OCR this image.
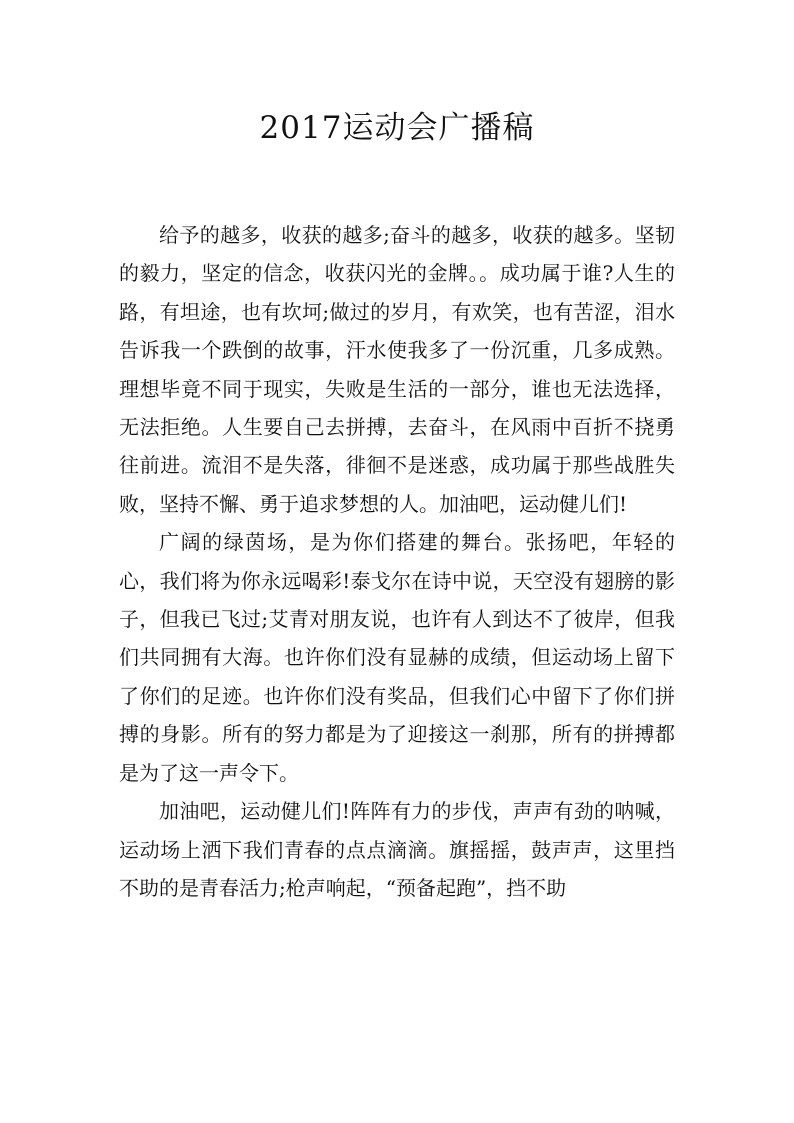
2017运动会广播稿

给予的越多，收获的越多;奋斗的越多，收获的越多。坚韧的毅力，坚定的信念，收获闪光的金牌。。成功属于谁?人生的路，有坦途，也有坎坷;做过的岁月，有欢笑，也有苦涩，泪水告诉我一个跌倒的故事，汗水使我多了一份沉重，几多成熟。理想毕竟不同于现实，失败是生活的一部分，谁也无法选择，无法拒绝。人生要自己去拼搏，去奋斗，在风雨中百折不挠勇往前进。流泪不是失落，徘徊不是迷惑，成功属于那些战胜失败，坚持不懈、勇于追求梦想的人。加油吧，运动健儿们!

广阔的绿茵场，是为你们搭建的舞台。张扬吧，年轻的心，我们将为你永远喝彩!泰戈尔在诗中说，天空没有翅膀的影子，但我已飞过;艾青对朋友说，也许有人到达不了彼岸，但我们共同拥有大海。也许你们没有显赫的成绩，但运动场上留下了你们的足迹。也许你们没有奖品，但我们心中留下了你们拼搏的身影。所有的努力都是为了迎接这一刹那，所有的拼搏都是为了这一声令下。

加油吧，运动健儿们!阵阵有力的步伐，声声有劲的呐喊，运动场上洒下我们青春的点点滴滴。旗摇摇，鼓声声，这里挡不助的是青春活力;枪声响起，“预备起跑”，挡不助
